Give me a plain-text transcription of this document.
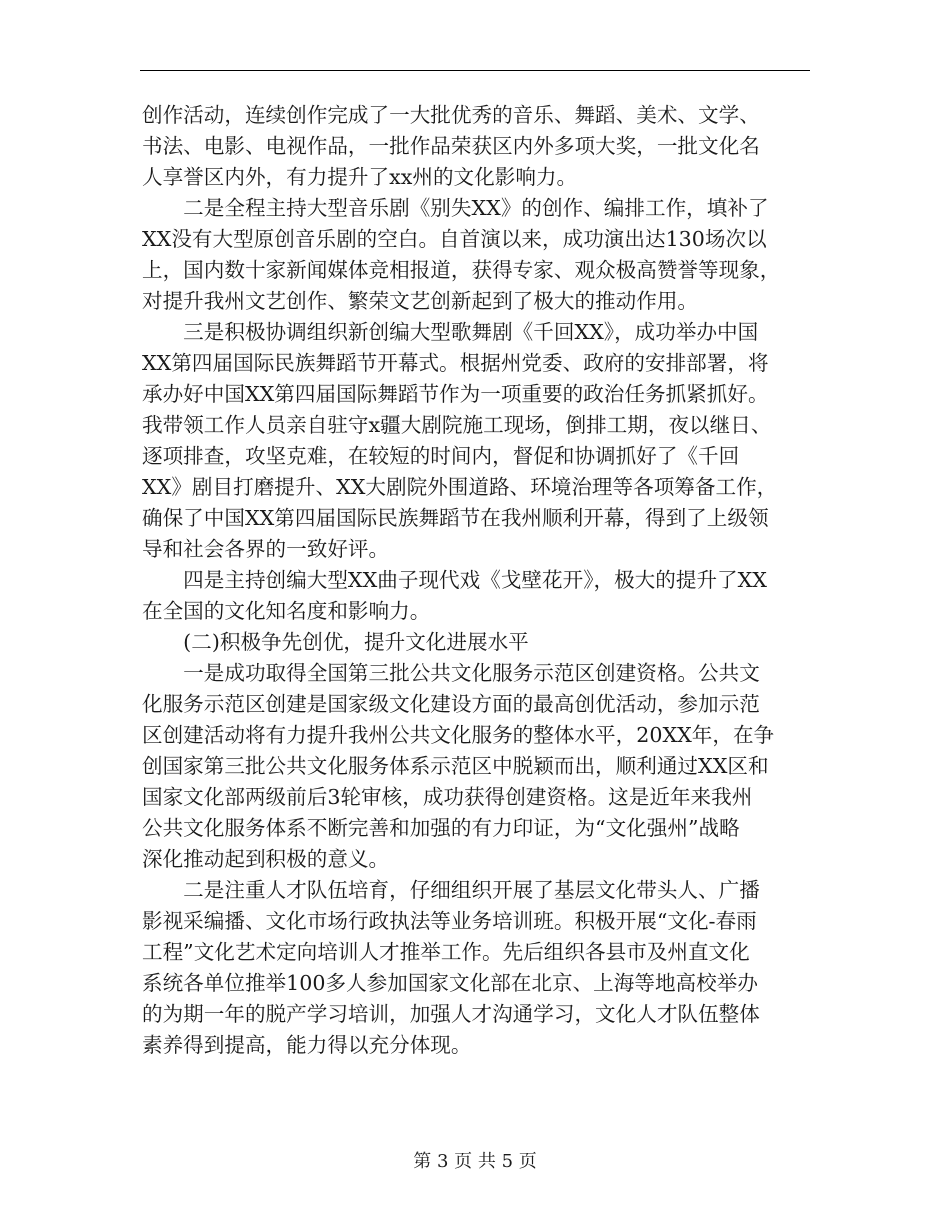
创作活动，连续创作完成了一大批优秀的音乐、舞蹈、美术、文学、
书法、电影、电视作品，一批作品荣获区内外多项大奖，一批文化名
人享誉区内外，有力提升了xx州的文化影响力。
　　二是全程主持大型音乐剧《别失XX》的创作、编排工作，填补了
XX没有大型原创音乐剧的空白。自首演以来，成功演出达130场次以
上，国内数十家新闻媒体竞相报道，获得专家、观众极高赞誉等现象，
对提升我州文艺创作、繁荣文艺创新起到了极大的推动作用。
　　三是积极协调组织新创编大型歌舞剧《千回XX》，成功举办中国
XX第四届国际民族舞蹈节开幕式。根据州党委、政府的安排部署，将
承办好中国XX第四届国际舞蹈节作为一项重要的政治任务抓紧抓好。
我带领工作人员亲自驻守x疆大剧院施工现场，倒排工期，夜以继日、
逐项排查，攻坚克难，在较短的时间内，督促和协调抓好了《千回
XX》剧目打磨提升、XX大剧院外围道路、环境治理等各项筹备工作，
确保了中国XX第四届国际民族舞蹈节在我州顺利开幕，得到了上级领
导和社会各界的一致好评。
　　四是主持创编大型XX曲子现代戏《戈壁花开》，极大的提升了XX
在全国的文化知名度和影响力。
　　(二)积极争先创优，提升文化进展水平
　　一是成功取得全国第三批公共文化服务示范区创建资格。公共文
化服务示范区创建是国家级文化建设方面的最高创优活动，参加示范
区创建活动将有力提升我州公共文化服务的整体水平，20XX年，在争
创国家第三批公共文化服务体系示范区中脱颖而出，顺利通过XX区和
国家文化部两级前后3轮审核，成功获得创建资格。这是近年来我州
公共文化服务体系不断完善和加强的有力印证，为“文化强州”战略
深化推动起到积极的意义。
　　二是注重人才队伍培育，仔细组织开展了基层文化带头人、广播
影视采编播、文化市场行政执法等业务培训班。积极开展“文化-春雨
工程”文化艺术定向培训人才推举工作。先后组织各县市及州直文化
系统各单位推举100多人参加国家文化部在北京、上海等地高校举办
的为期一年的脱产学习培训，加强人才沟通学习，文化人才队伍整体
素养得到提高，能力得以充分体现。
第 3 页 共 5 页
